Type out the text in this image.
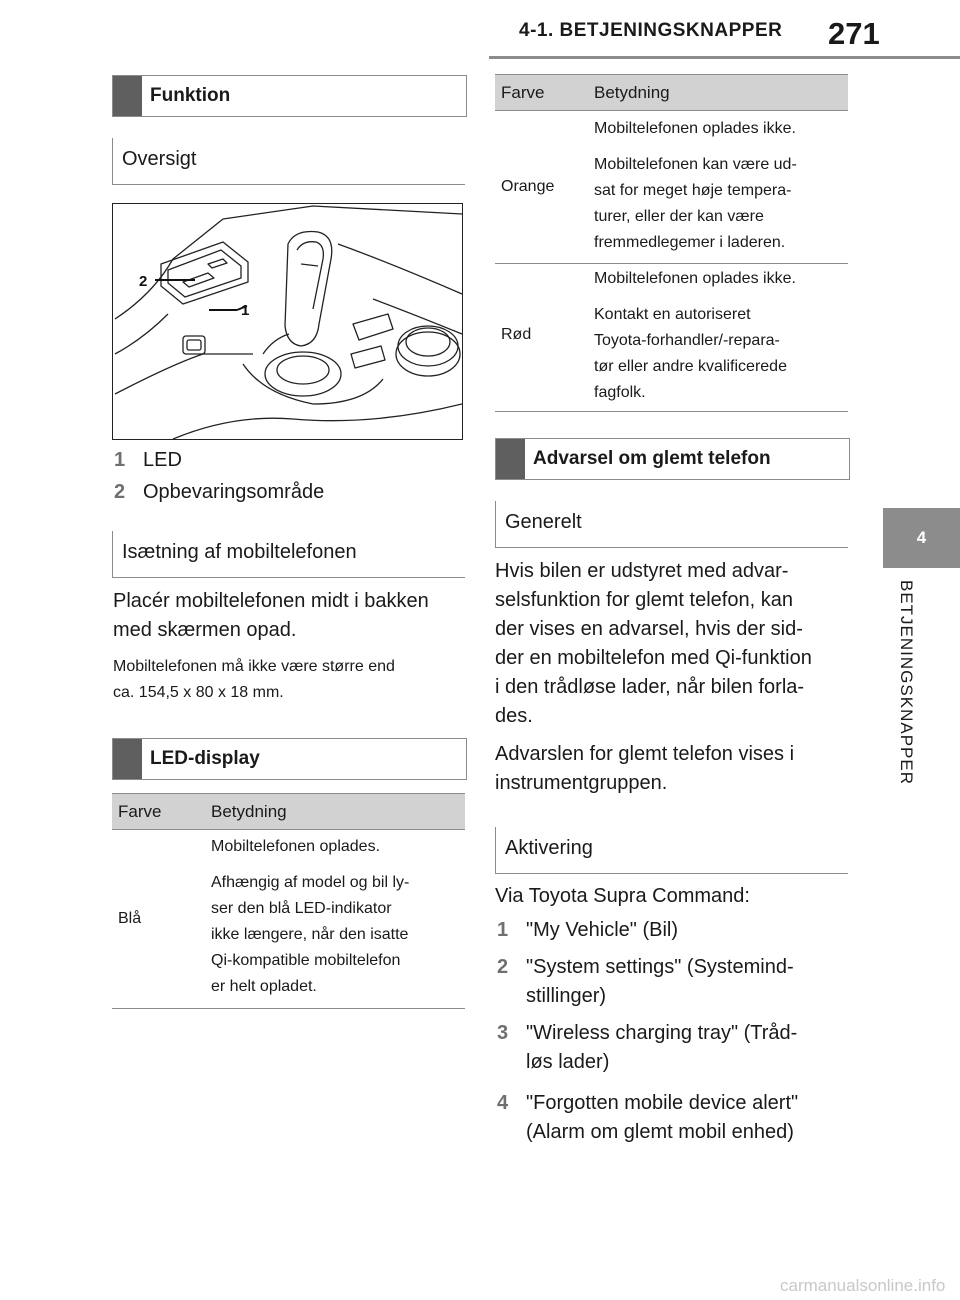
4-1. BETJENINGSKNAPPER 271
4
BETJENINGSKNAPPER
Funktion
Oversigt
2
1
1 LED
2 Opbevaringsområde
Isætning af mobiltelefonen
Placér mobiltelefonen midt i bakken
med skærmen opad.
Mobiltelefonen må ikke være større end
ca. 154,5 x 80 x 18 mm.
LED-display
Farve	Betydning
Blå
Mobiltelefonen oplades.
Afhængig af model og bil ly-
ser den blå LED-indikator
ikke længere, når den isatte
Qi-kompatible mobiltelefon
er helt opladet.
Farve	Betydning
Orange
Mobiltelefonen oplades ikke.
Mobiltelefonen kan være ud-
sat for meget høje tempera-
turer, eller der kan være
fremmedlegemer i laderen.
Rød
Mobiltelefonen oplades ikke.
Kontakt en autoriseret
Toyota-forhandler/-repara-
tør eller andre kvalificerede
fagfolk.
Advarsel om glemt telefon
Generelt
Hvis bilen er udstyret med advar-
selsfunktion for glemt telefon, kan
der vises en advarsel, hvis der sid-
der en mobiltelefon med Qi-funktion
i den trådløse lader, når bilen forla-
des.
Advarslen for glemt telefon vises i
instrumentgruppen.
Aktivering
Via Toyota Supra Command:
1 "My Vehicle" (Bil)
2 "System settings" (Systemind-
stillinger)
3 "Wireless charging tray" (Tråd-
løs lader)
4 "Forgotten mobile device alert"
(Alarm om glemt mobil enhed)
carmanualsonline.info
